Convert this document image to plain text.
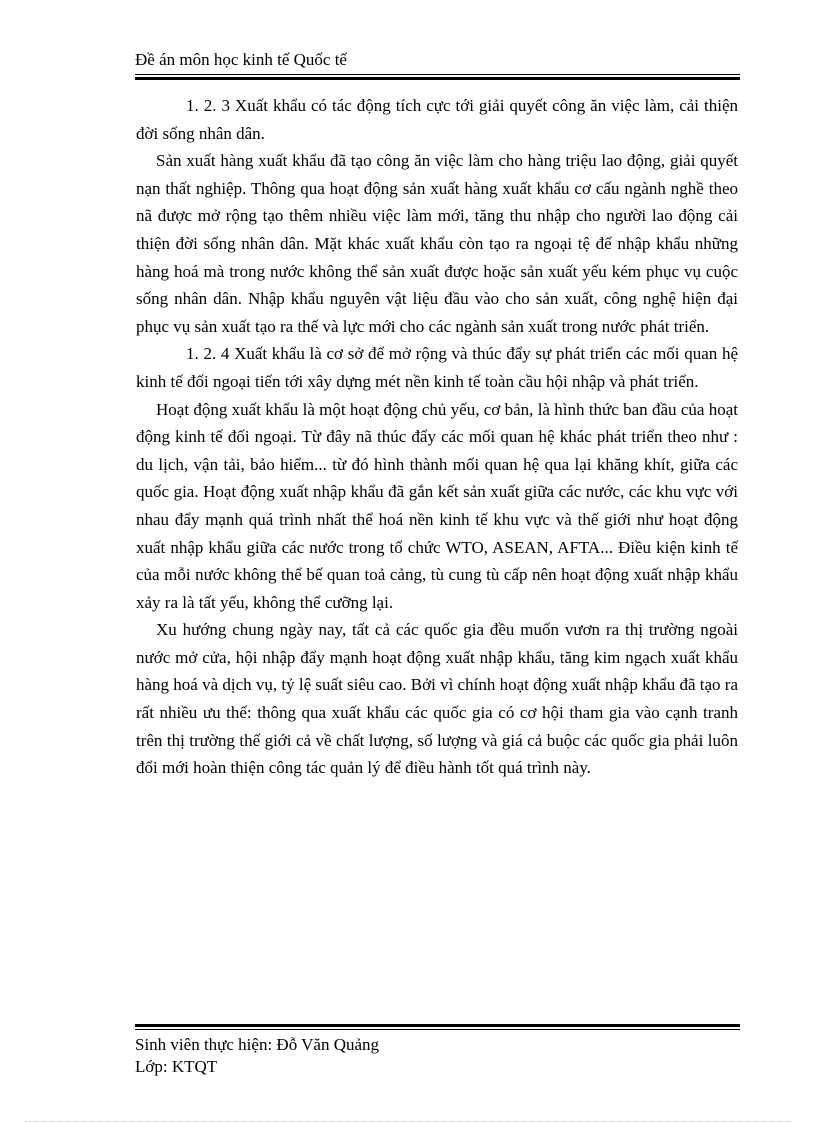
Đề án môn học kinh tế Quốc tế

1. 2. 3 Xuất khẩu có tác động tích cực tới giải quyết công ăn việc làm, cải thiện đời sống nhân dân.

Sản xuất hàng xuất khẩu đã tạo công ăn việc làm cho hàng triệu lao động, giải quyết nạn thất nghiệp. Thông qua hoạt động sản xuất hàng xuất khẩu cơ cấu ngành nghề theo nã được mở rộng tạo thêm nhiều việc làm mới, tăng thu nhập cho người lao động cải thiện đời sống nhân dân. Mặt khác xuất khẩu còn tạo ra ngoại tệ để nhập khẩu những hàng hoá mà trong nước không thể sản xuất được hoặc sản xuất yếu kém phục vụ cuộc sống nhân dân. Nhập khẩu nguyên vật liệu đầu vào cho sản xuất, công nghệ hiện đại phục vụ sản xuất tạo ra thế và lực mới cho các ngành sản xuất trong nước phát triển.

1. 2. 4 Xuất khẩu là cơ sở để mở rộng và thúc đẩy sự phát triển các mối quan hệ kinh tế đối ngoại tiến tới xây dựng mét nền kinh tế toàn cầu hội nhập và phát triển.

Hoạt động xuất khẩu là một hoạt động chủ yếu, cơ bản, là hình thức ban đầu của hoạt động kinh tế đối ngoại. Từ đây nã thúc đẩy các mối quan hệ khác phát triển theo như : du lịch, vận tải, bảo hiểm... từ đó hình thành mối quan hệ qua lại khăng khít, giữa các quốc gia. Hoạt động xuất nhập khẩu đã gắn kết sản xuất giữa các nước, các khu vực với nhau đẩy mạnh quá trình nhất thể hoá nền kinh tế khu vực và thế giới như hoạt động xuất nhập khẩu giữa các nước trong tổ chức WTO, ASEAN, AFTA... Điều kiện kinh tế của mỗi nước không thể bế quan toả cảng, tù cung tù cấp nên hoạt động xuất nhập khẩu xảy ra là tất yếu, không thể cưỡng lại.

Xu hướng chung ngày nay, tất cả các quốc gia đều muốn vươn ra thị trường ngoài nước mở cửa, hội nhập đẩy mạnh hoạt động xuất nhập khẩu, tăng kim ngạch xuất khẩu hàng hoá và dịch vụ, tỷ lệ suất siêu cao. Bởi vì chính hoạt động xuất nhập khẩu đã tạo ra rất nhiều ưu thế: thông qua xuất khẩu các quốc gia có cơ hội tham gia vào cạnh tranh trên thị trường thế giới cả về chất lượng, số lượng và giá cả buộc các quốc gia phải luôn đổi mới hoàn thiện công tác quản lý để điều hành tốt quá trình này.

Sinh viên thực hiện: Đỗ Văn Quảng
Lớp: KTQT
